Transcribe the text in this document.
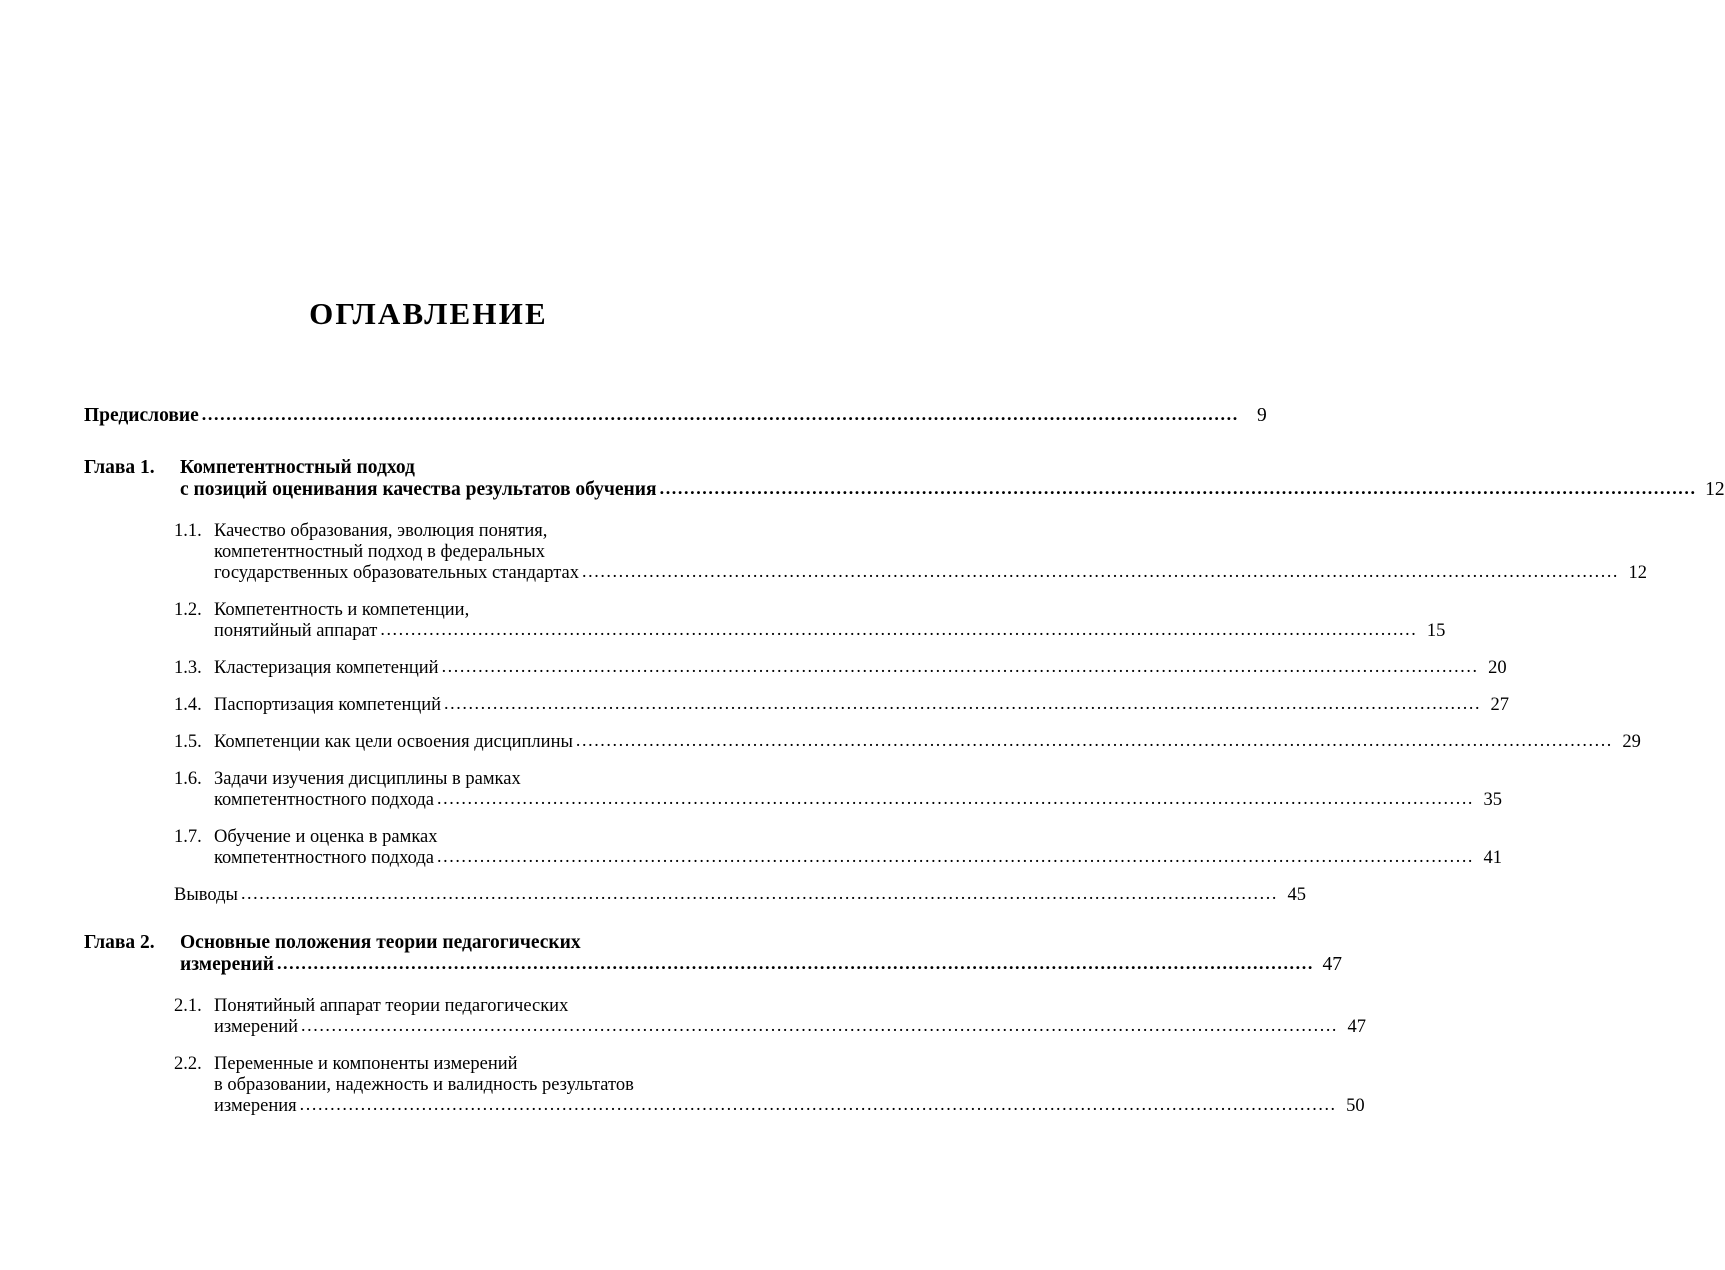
ОГЛАВЛЕНИЕ
Предисловие .....	9
Глава 1.	Компетентностный подход
с позиций оценивания качества результатов обучения .....	12
1.1. Качество образования, эволюция понятия,
компетентностный подход в федеральных
государственных образовательных стандартах .....	12
1.2. Компетентность и компетенции,
понятийный аппарат .....	15
1.3. Кластеризация компетенций .....	20
1.4. Паспортизация компетенций .....	27
1.5. Компетенции как цели освоения дисциплины .....	29
1.6. Задачи изучения дисциплины в рамках
компетентностного подхода .....	35
1.7. Обучение и оценка в рамках
компетентностного подхода .....	41
Выводы .....	45
Глава 2.	Основные положения теории педагогических
измерений .....	47
2.1. Понятийный аппарат теории педагогических
измерений .....	47
2.2. Переменные и компоненты измерений
в образовании, надежность и валидность результатов
измерения .....	50
